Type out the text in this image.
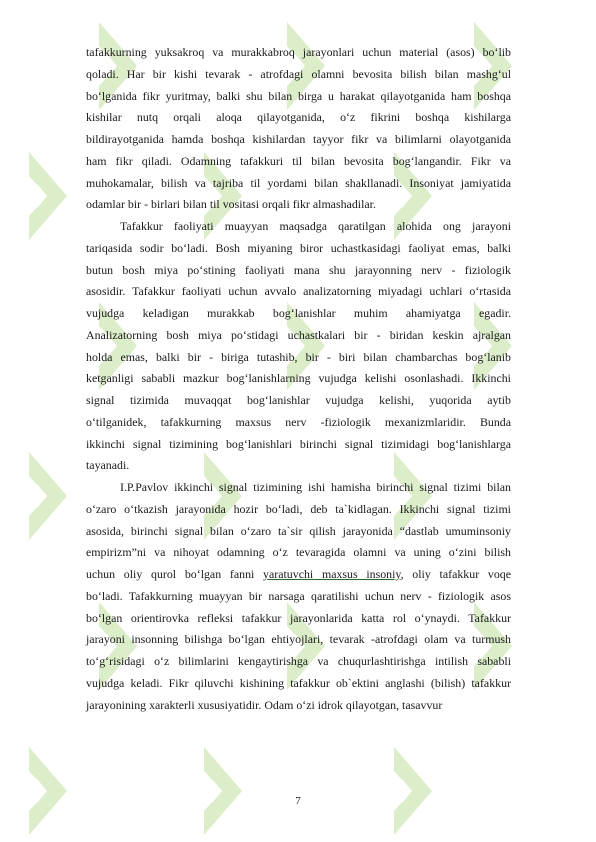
tafakkurning yuksakroq va murakkabroq jarayonlari uchun material (asos) bo‘lib
qoladi. Har bir kishi tevarak - atrofdagi olamni bevosita bilish bilan mashg‘ul
bo‘lganida fikr yuritmay, balki shu bilan birga u harakat qilayotganida ham boshqa
kishilar nutq orqali aloqa qilayotganida, o‘z fikrini boshqa kishilarga
bildirayotganida hamda boshqa kishilardan tayyor fikr va bilimlarni olayotganida
ham fikr qiladi. Odamning tafakkuri til bilan bevosita bog‘langandir. Fikr va
muhokamalar, bilish va tajriba til yordami bilan shakllanadi. Insoniyat jamiyatida
odamlar bir - birlari bilan til vositasi orqali fikr almashadilar.
Tafakkur faoliyati muayyan maqsadga qaratilgan alohida ong jarayoni
tariqasida sodir bo‘ladi. Bosh miyaning biror uchastkasidagi faoliyat emas, balki
butun bosh miya po‘stining faoliyati mana shu jarayonning nerv - fiziologik
asosidir. Tafakkur faoliyati uchun avvalo analizatorning miyadagi uchlari o‘rtasida
vujudga keladigan murakkab bog‘lanishlar muhim ahamiyatga egadir.
Analizatorning bosh miya po‘stidagi uchastkalari bir - biridan keskin ajralgan
holda emas, balki bir - biriga tutashib, bir - biri bilan chambarchas bog‘lanib
ketganligi sababli mazkur bog‘lanishlarning vujudga kelishi osonlashadi. Ikkinchi
signal tizimida muvaqqat bog‘lanishlar vujudga kelishi, yuqorida aytib
o‘tilganidek, tafakkurning maxsus nerv -fiziologik mexanizmlaridir. Bunda
ikkinchi signal tizimining bog‘lanishlari birinchi signal tizimidagi bog‘lanishlarga
tayanadi.
I.P.Pavlov ikkinchi signal tizimining ishi hamisha birinchi signal tizimi bilan
o‘zaro o‘tkazish jarayonida hozir bo‘ladi, deb ta`kidlagan. Ikkinchi signal tizimi
asosida, birinchi signal bilan o‘zaro ta`sir qilish jarayonida “dastlab umuminsoniy
empirizm”ni va nihoyat odamning o‘z tevaragida olamni va uning o‘zini bilish
uchun oliy qurol bo‘lgan fanni yaratuvchi maxsus insoniy, oliy tafakkur voqe
bo‘ladi. Tafakkurning muayyan bir narsaga qaratilishi uchun nerv - fiziologik asos
bo‘lgan orientirovka refleksi tafakkur jarayonlarida katta rol o‘ynaydi. Tafakkur
jarayoni insonning bilishga bo‘lgan ehtiyojlari, tevarak -atrofdagi olam va turmush
to‘g‘risidagi o‘z bilimlarini kengaytirishga va chuqurlashtirishga intilish sababli
vujudga keladi. Fikr qiluvchi kishining tafakkur ob`ektini anglashi (bilish) tafakkur
jarayonining xarakterli xususiyatidir. Odam o‘zi idrok qilayotgan, tasavvur
7
